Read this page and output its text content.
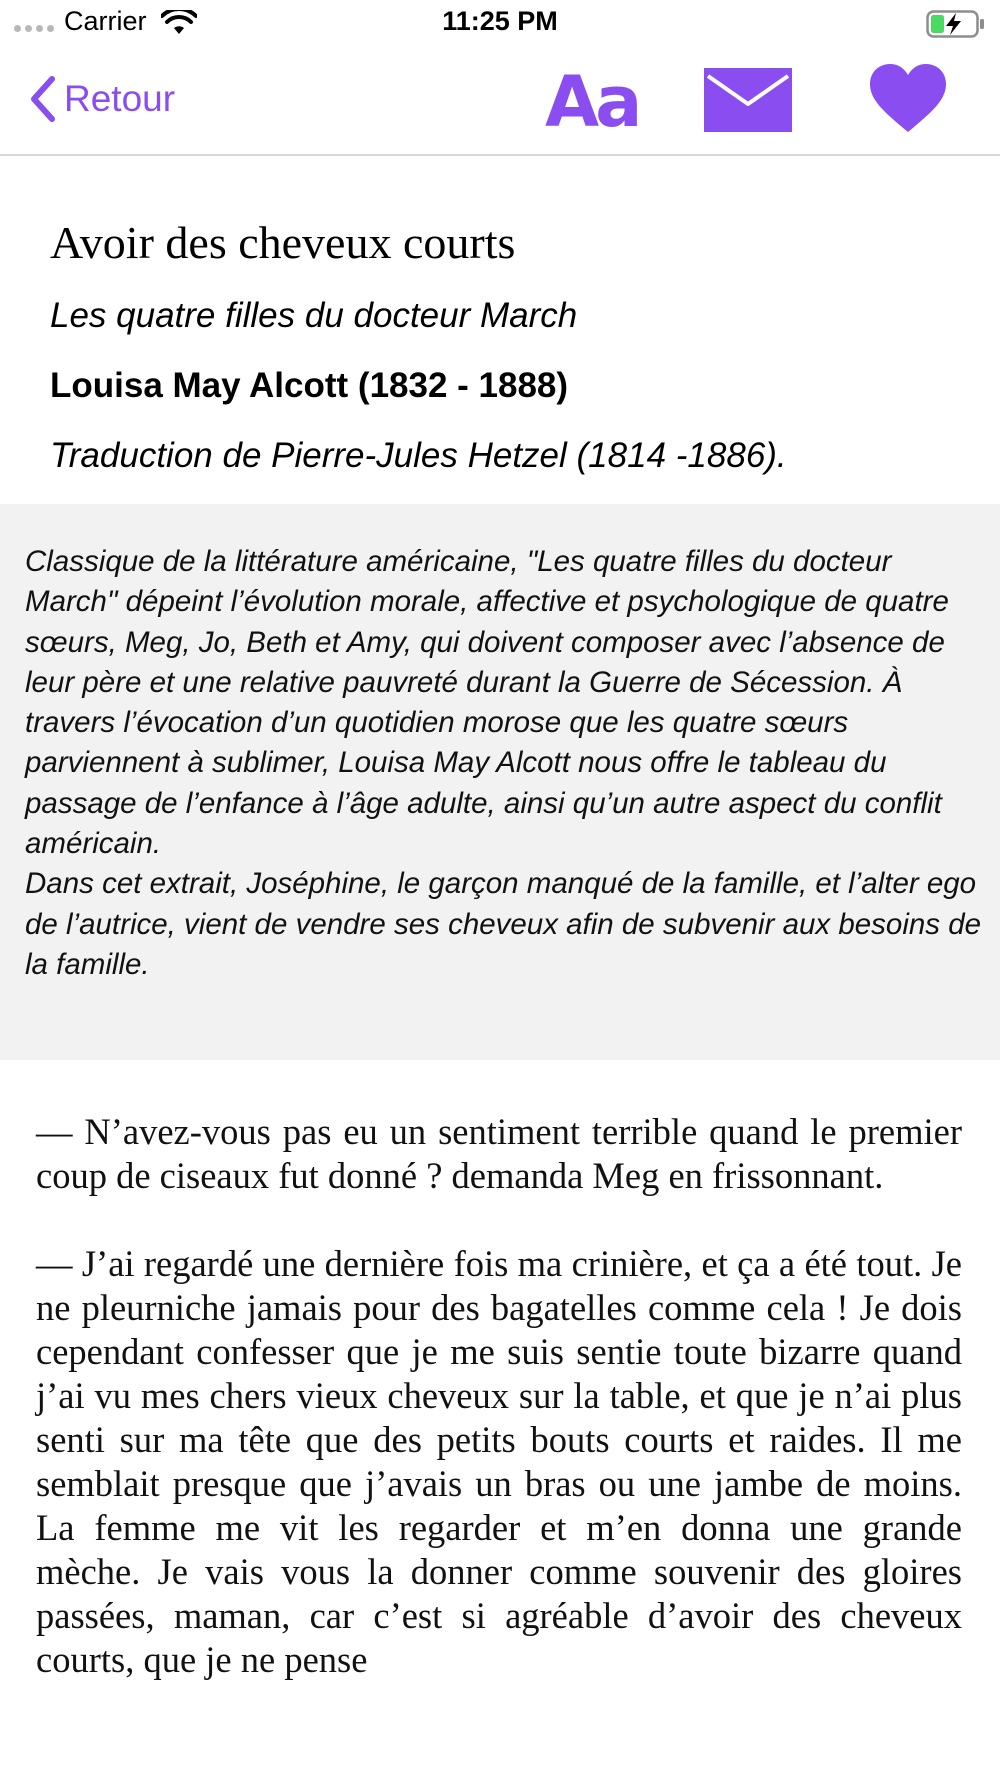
Carrier	11:25 PM
Retour	Aa
Avoir des cheveux courts
Les quatre filles du docteur March
Louisa May Alcott (1832 - 1888)
Traduction de Pierre-Jules Hetzel (1814 -1886).

Classique de la littérature américaine, "Les quatre filles du docteur March" dépeint l’évolution morale, affective et psychologique de quatre sœurs, Meg, Jo, Beth et Amy, qui doivent composer avec l’absence de leur père et une relative pauvreté durant la Guerre de Sécession. À travers l’évocation d’un quotidien morose que les quatre sœurs parviennent à sublimer, Louisa May Alcott nous offre le tableau du passage de l’enfance à l’âge adulte, ainsi qu’un autre aspect du conflit américain.

Dans cet extrait, Joséphine, le garçon manqué de la famille, et l’alter ego de l’autrice, vient de vendre ses cheveux afin de subvenir aux besoins de la famille.

— N’avez-vous pas eu un sentiment terrible quand le premier coup de ciseaux fut donné ? demanda Meg en frissonnant.

— J’ai regardé une dernière fois ma crinière, et ça a été tout. Je ne pleurniche jamais pour des bagatelles comme cela ! Je dois cependant confesser que je me suis sentie toute bizarre quand j’ai vu mes chers vieux cheveux sur la table, et que je n’ai plus senti sur ma tête que des petits bouts courts et raides. Il me semblait presque que j’avais un bras ou une jambe de moins. La femme me vit les regarder et m’en donna une grande mèche. Je vais vous la donner comme souvenir des gloires passées, maman, car c’est si agréable d’avoir des cheveux courts, que je ne pense
